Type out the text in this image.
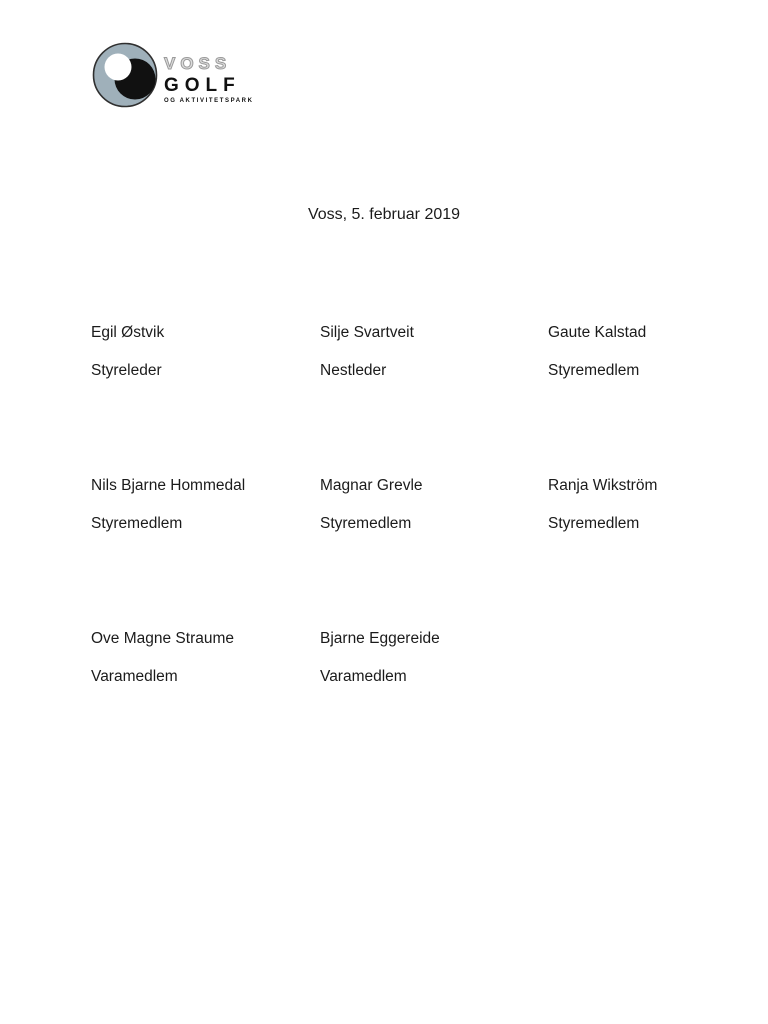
VOSS
GOLF
OG AKTIVITETSPARK
Voss, 5. februar 2019
Egil Østvik
Styreleder
Silje Svartveit
Nestleder
Gaute Kalstad
Styremedlem
Nils Bjarne Hommedal
Styremedlem
Magnar Grevle
Styremedlem
Ranja Wikström
Styremedlem
Ove Magne Straume
Varamedlem
Bjarne Eggereide
Varamedlem
